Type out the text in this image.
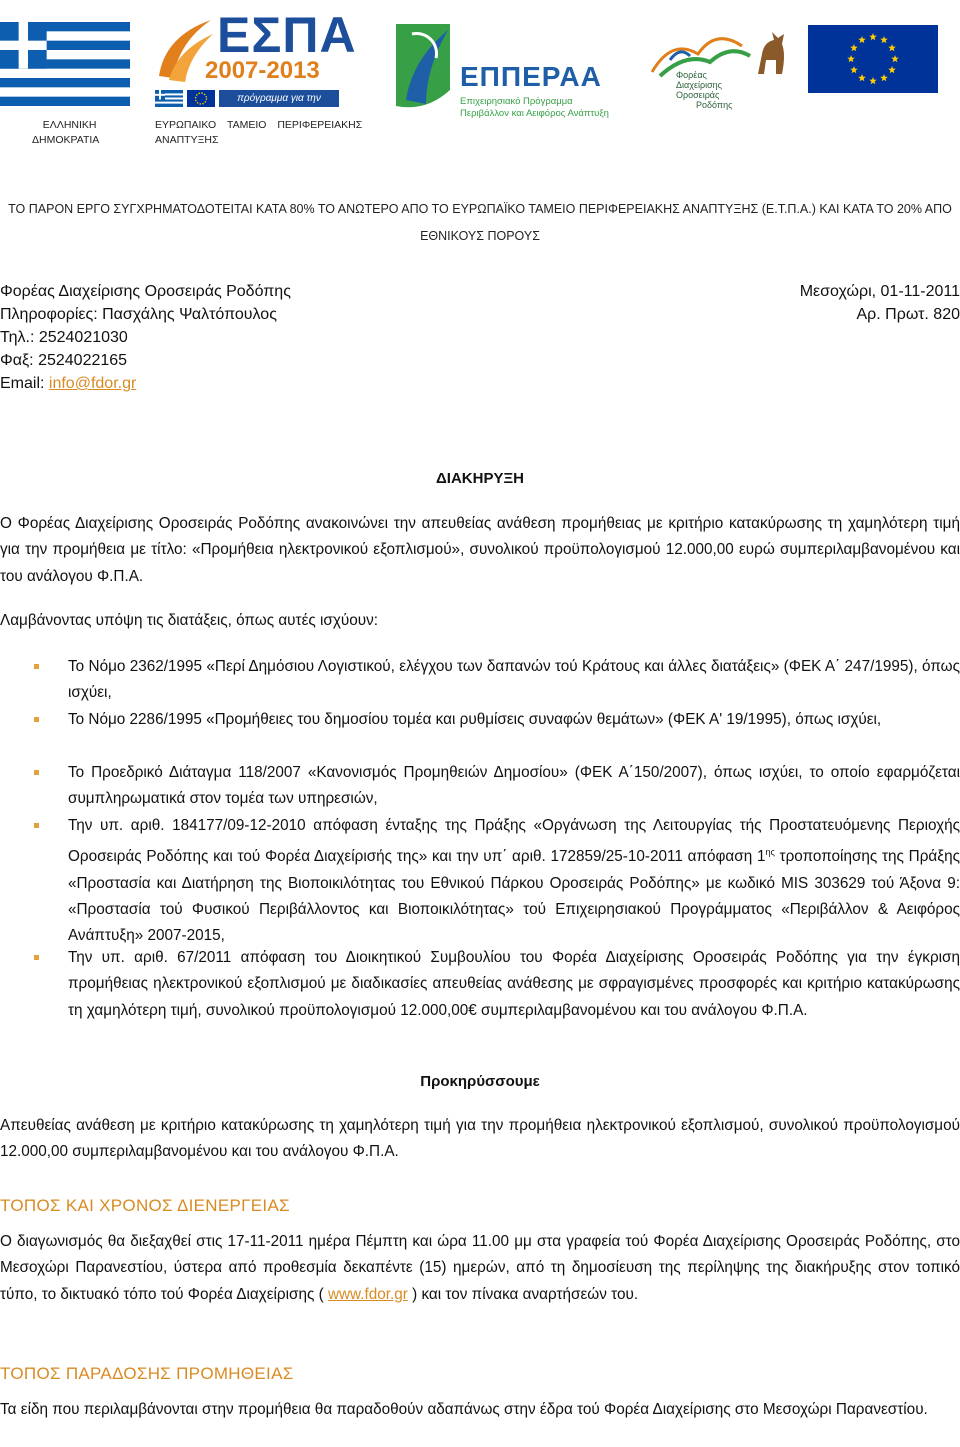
ΕΛΛΗΝΙΚΗ
ΔΗΜΟΚΡΑΤΙΑ
ΕΣΠΑ
2007-2013
πρόγραμμα για την ανάπτυξη
ΕΥΡΩΠΑΙΚΟ ΤΑΜΕΙΟ ΠΕΡΙΦΕΡΕΙΑΚΗΣ
ΑΝΑΠΤΥΞΗΣ
ΕΠΠΕΡΑΑ
Επιχειρησιακό Πρόγραμμα
Περιβάλλον και Αειφόρος Ανάπτυξη
Φορέας
Διαχείρισης
Οροσειράς
Ροδόπης
ΤΟ ΠΑΡΟΝ ΕΡΓΟ ΣΥΓΧΡΗΜΑΤΟΔΟΤΕΙΤΑΙ ΚΑΤΑ 80% ΤΟ ΑΝΩΤΕΡΟ ΑΠΟ ΤΟ ΕΥΡΩΠΑΪΚΟ ΤΑΜΕΙΟ ΠΕΡΙΦΕΡΕΙΑΚΗΣ ΑΝΑΠΤΥΞΗΣ (Ε.Τ.Π.Α.) ΚΑΙ ΚΑΤΑ ΤΟ 20% ΑΠΟ
ΕΘΝΙΚΟΥΣ ΠΟΡΟΥΣ
Φορέας Διαχείρισης Οροσειράς Ροδόπης
Πληροφορίες: Πασχάλης Ψαλτόπουλος
Τηλ.: 2524021030
Φαξ: 2524022165
Email: info@fdor.gr
Μεσοχώρι, 01-11-2011
Αρ. Πρωτ. 820
ΔΙΑΚΗΡΥΞΗ

Ο Φορέας Διαχείρισης Οροσειράς Ροδόπης ανακοινώνει την απευθείας ανάθεση προμήθειας με κριτήριο κατακύρωσης τη χαμηλότερη τιμή για την προμήθεια με τίτλο: «Προμήθεια ηλεκτρονικού εξοπλισμού», συνολικού προϋπολογισμού 12.000,00 ευρώ συμπεριλαμβανομένου και του ανάλογου Φ.Π.Α.

Λαμβάνοντας υπόψη τις διατάξεις, όπως αυτές ισχύουν:

Το Νόμο 2362/1995 «Περί Δημόσιου Λογιστικού, ελέγχου των δαπανών τού Κράτους και άλλες διατάξεις» (ΦΕΚ Α΄ 247/1995), όπως ισχύει,

Το Νόμο 2286/1995 «Προμήθειες του δημοσίου τομέα και ρυθμίσεις συναφών θεμάτων» (ΦΕΚ Α' 19/1995), όπως ισχύει,

Το Προεδρικό Διάταγμα 118/2007 «Κανονισμός Προμηθειών Δημοσίου» (ΦΕΚ Α΄150/2007), όπως ισχύει, το οποίο εφαρμόζεται συμπληρωματικά στον τομέα των υπηρεσιών,

Την υπ. αριθ. 184177/09-12-2010 απόφαση ένταξης της Πράξης «Οργάνωση της Λειτουργίας τής Προστατευόμενης Περιοχής Οροσειράς Ροδόπης και τού Φορέα Διαχείρισής της» και την υπ΄ αριθ. 172859/25-10-2011 απόφαση $1^{\eta\varsigma}$ τροποποίησης της Πράξης «Προστασία και Διατήρηση της Βιοποικιλότητας του Εθνικού Πάρκου Οροσειράς Ροδόπης» με κωδικό MIS 303629 τού Άξονα 9: «Προστασία τού Φυσικού Περιβάλλοντος και Βιοποικιλότητας» τού Επιχειρησιακού Προγράμματος «Περιβάλλον & Αειφόρος Ανάπτυξη» 2007-2015,

Την υπ. αριθ. 67/2011 απόφαση του Διοικητικού Συμβουλίου του Φορέα Διαχείρισης Οροσειράς Ροδόπης για την έγκριση προμήθειας ηλεκτρονικού εξοπλισμού με διαδικασίες απευθείας ανάθεσης με σφραγισμένες προσφορές και κριτήριο κατακύρωσης τη χαμηλότερη τιμή, συνολικού προϋπολογισμού 12.000,00€ συμπεριλαμβανομένου και του ανάλογου Φ.Π.Α.

Προκηρύσσουμε

Απευθείας ανάθεση με κριτήριο κατακύρωσης τη χαμηλότερη τιμή για την προμήθεια ηλεκτρονικού εξοπλισμού, συνολικού προϋπολογισμού 12.000,00 συμπεριλαμβανομένου και του ανάλογου Φ.Π.Α.

ΤΟΠΟΣ ΚΑΙ ΧΡΟΝΟΣ ΔΙΕΝΕΡΓΕΙΑΣ

Ο διαγωνισμός θα διεξαχθεί στις 17-11-2011 ημέρα Πέμπτη και ώρα 11.00 μμ στα γραφεία τού Φορέα Διαχείρισης Οροσειράς Ροδόπης, στο Μεσοχώρι Παρανεστίου, ύστερα από προθεσμία δεκαπέντε (15) ημερών, από τη δημοσίευση της περίληψης της διακήρυξης στον τοπικό τύπο, το δικτυακό τόπο τού Φορέα Διαχείρισης ( www.fdor.gr ) και τον πίνακα αναρτήσεών του.

ΤΟΠΟΣ ΠΑΡΑΔΟΣΗΣ ΠΡΟΜΗΘΕΙΑΣ

Τα είδη που περιλαμβάνονται στην προμήθεια θα παραδοθούν αδαπάνως στην έδρα τού Φορέα Διαχείρισης στο Μεσοχώρι Παρανεστίου.
